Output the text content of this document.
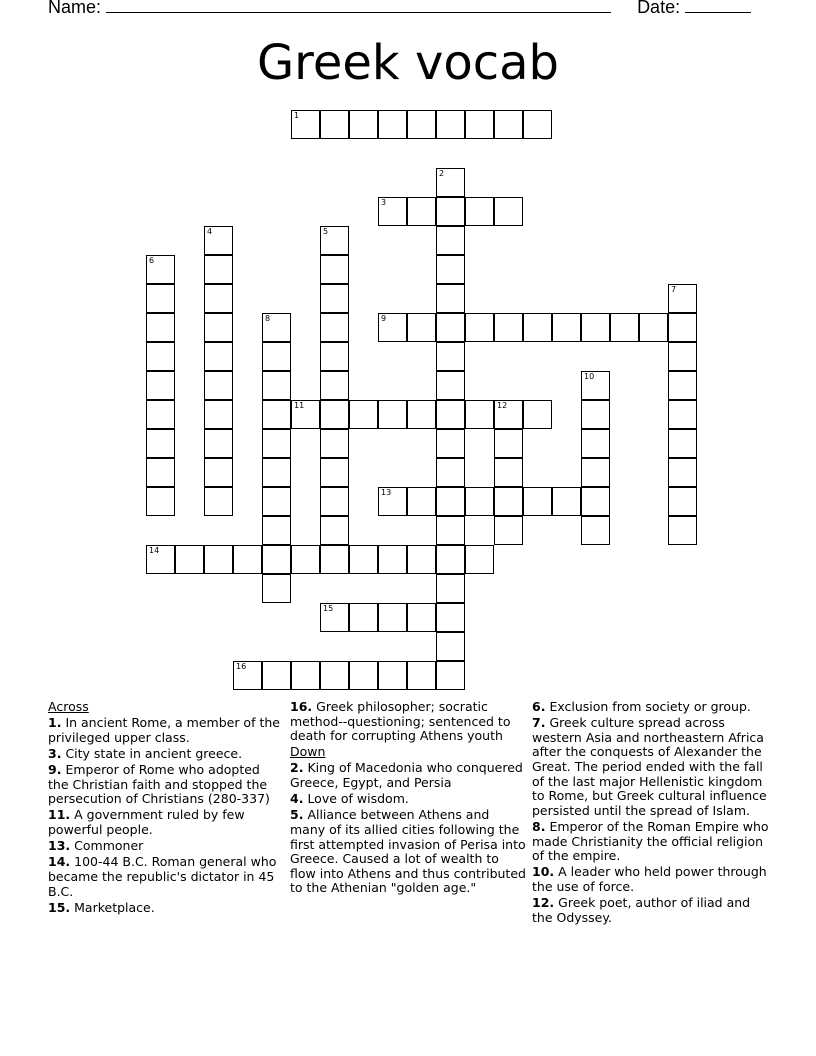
Name:	Date:
Greek vocab
1
2
3
4	5
6
7
8	9
10
11	12
13
14
15
16

Across

1. In ancient Rome, a member of the privileged upper class.

3. City state in ancient greece.

9. Emperor of Rome who adopted the Christian faith and stopped the persecution of Christians (280-337)

11. A government ruled by few powerful people.

13. Commoner

14. 100-44 B.C. Roman general who became the republic's dictator in 45 B.C.

15. Marketplace.

16. Greek philosopher; socratic method--questioning; sentenced to death for corrupting Athens youth

Down

2. King of Macedonia who conquered Greece, Egypt, and Persia

4. Love of wisdom.

5. Alliance between Athens and many of its allied cities following the first attempted invasion of Perisa into Greece. Caused a lot of wealth to flow into Athens and thus contributed to the Athenian "golden age."

6. Exclusion from society or group.

7. Greek culture spread across western Asia and northeastern Africa after the conquests of Alexander the Great. The period ended with the fall of the last major Hellenistic kingdom to Rome, but Greek cultural influence persisted until the spread of Islam.

8. Emperor of the Roman Empire who made Christianity the official religion of the empire.

10. A leader who held power through the use of force.

12. Greek poet, author of iliad and the Odyssey.
